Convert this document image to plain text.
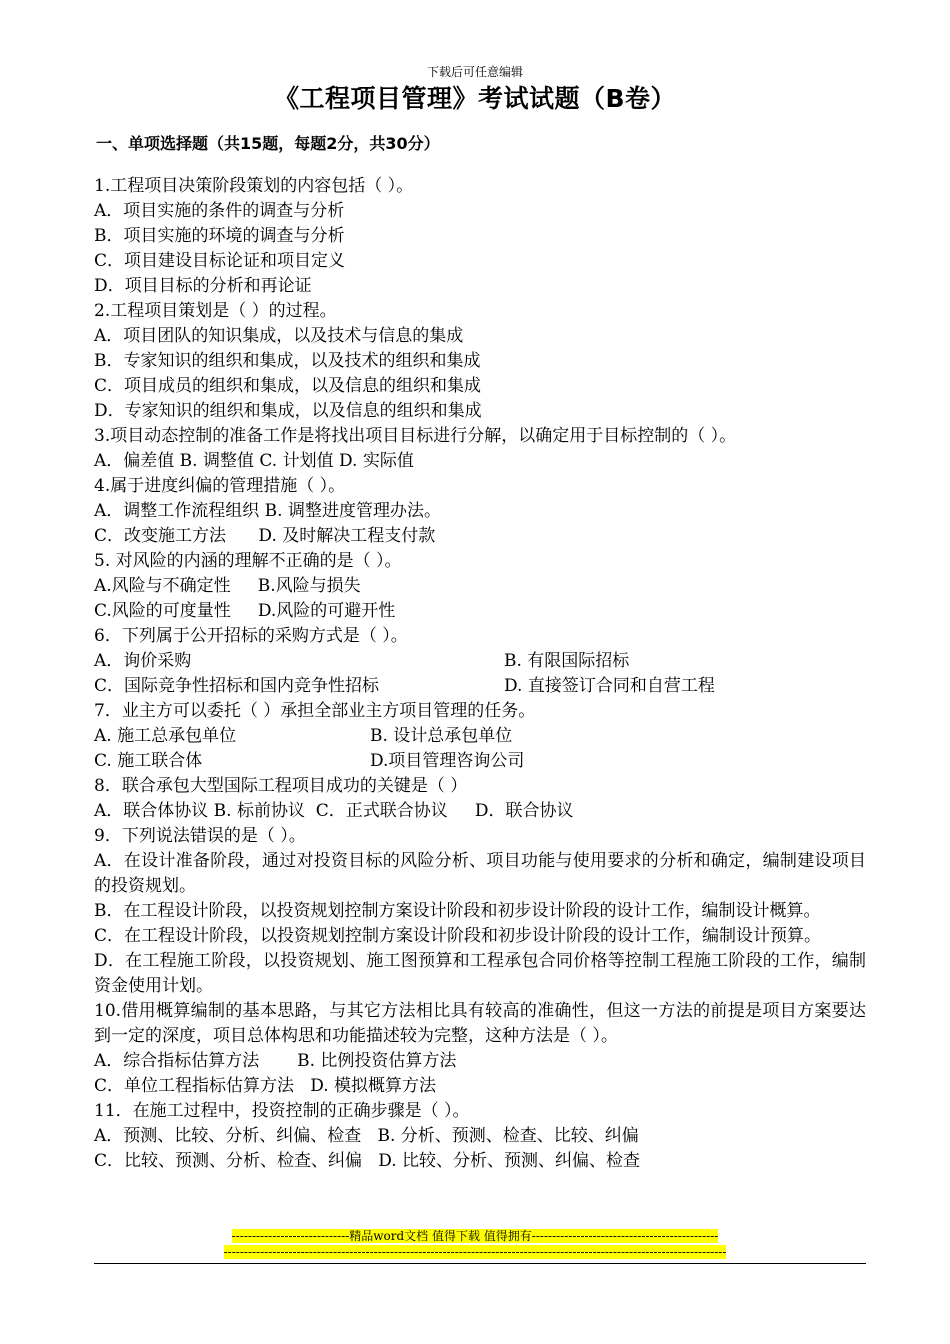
下载后可任意编辑
《工程项目管理》考试试题（B卷）
一、单项选择题（共15题，每题2分，共30分）
1.工程项目决策阶段策划的内容包括（ ）。
A．项目实施的条件的调查与分析
B．项目实施的环境的调查与分析
C．项目建设目标论证和项目定义
D．项目目标的分析和再论证
2.工程项目策划是（ ）的过程。
A．项目团队的知识集成，以及技术与信息的集成
B．专家知识的组织和集成，以及技术的组织和集成
C．项目成员的组织和集成，以及信息的组织和集成
D．专家知识的组织和集成，以及信息的组织和集成
3.项目动态控制的准备工作是将找出项目目标进行分解，以确定用于目标控制的（ ）。
A．偏差值 B. 调整值 C. 计划值 D. 实际值
4.属于进度纠偏的管理措施（ ）。
A．调整工作流程组织 B. 调整进度管理办法。
C．改变施工方法      D. 及时解决工程支付款
5. 对风险的内涵的理解不正确的是（ ）。
A.风险与不确定性     B.风险与损失
C.风险的可度量性     D.风险的可避开性
6．下列属于公开招标的采购方式是（ ）。
A．询价采购	B. 有限国际招标
C．国际竞争性招标和国内竞争性招标	D. 直接签订合同和自营工程
7．业主方可以委托（ ）承担全部业主方项目管理的任务。
A. 施工总承包单位	B. 设计总承包单位
C. 施工联合体	D.项目管理咨询公司
8．联合承包大型国际工程项目成功的关键是（ ）
A．联合体协议 B. 标前协议  C．正式联合协议     D．联合协议
9．下列说法错误的是（ ）。
A．在设计准备阶段，通过对投资目标的风险分析、项目功能与使用要求的分析和确定，编制建设项目的投资规划。
B．在工程设计阶段，以投资规划控制方案设计阶段和初步设计阶段的设计工作，编制设计概算。
C．在工程设计阶段，以投资规划控制方案设计阶段和初步设计阶段的设计工作，编制设计预算。
D．在工程施工阶段，以投资规划、施工图预算和工程承包合同价格等控制工程施工阶段的工作，编制资金使用计划。
10.借用概算编制的基本思路，与其它方法相比具有较高的准确性，但这一方法的前提是项目方案要达到一定的深度，项目总体构思和功能描述较为完整，这种方法是（ ）。
A．综合指标估算方法       B. 比例投资估算方法
C．单位工程指标估算方法   D. 模拟概算方法
11．在施工过程中，投资控制的正确步骤是（ ）。
A．预测、比较、分析、纠偏、检查   B. 分析、预测、检查、比较、纠偏
C．比较、预测、分析、检查、纠偏   D. 比较、分析、预测、纠偏、检查
-----------------------------精品word文档 值得下载 值得拥有----------------------------------------------
----------------------------------------------------------------------------------------------------------------------------
